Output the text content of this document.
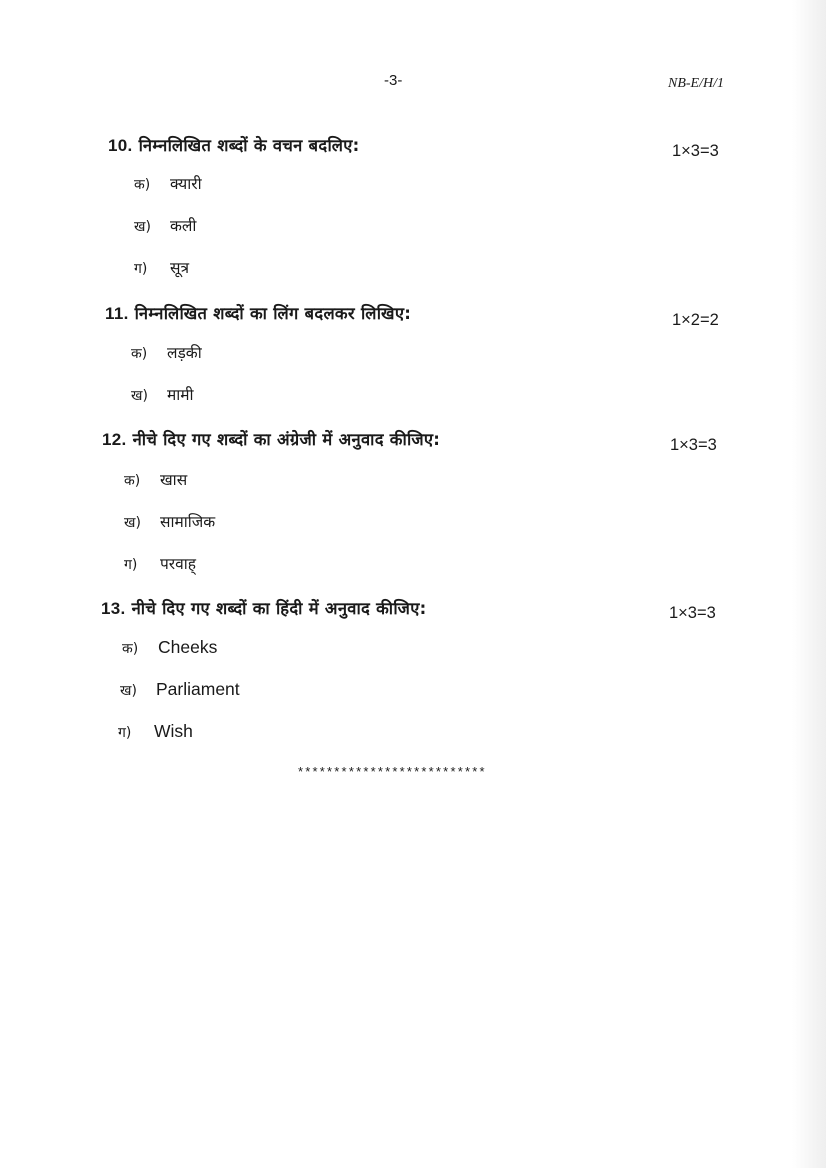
-3-	NB-E/H/1
10. निम्नलिखित शब्दों के वचन बदलिए:	1×3=3
क) क्यारी
ख) कली
ग) सूत्र
11. निम्नलिखित शब्दों का लिंग बदलकर लिखिए:	1×2=2
क) लड़की
ख) मामी
12. नीचे दिए गए शब्दों का अंग्रेजी में अनुवाद कीजिए:	1×3=3
क) खास
ख) सामाजिक
ग) परवाह्
13. नीचे दिए गए शब्दों का हिंदी में अनुवाद कीजिए:	1×3=3
क) Cheeks
ख) Parliament
ग) Wish
**************************
